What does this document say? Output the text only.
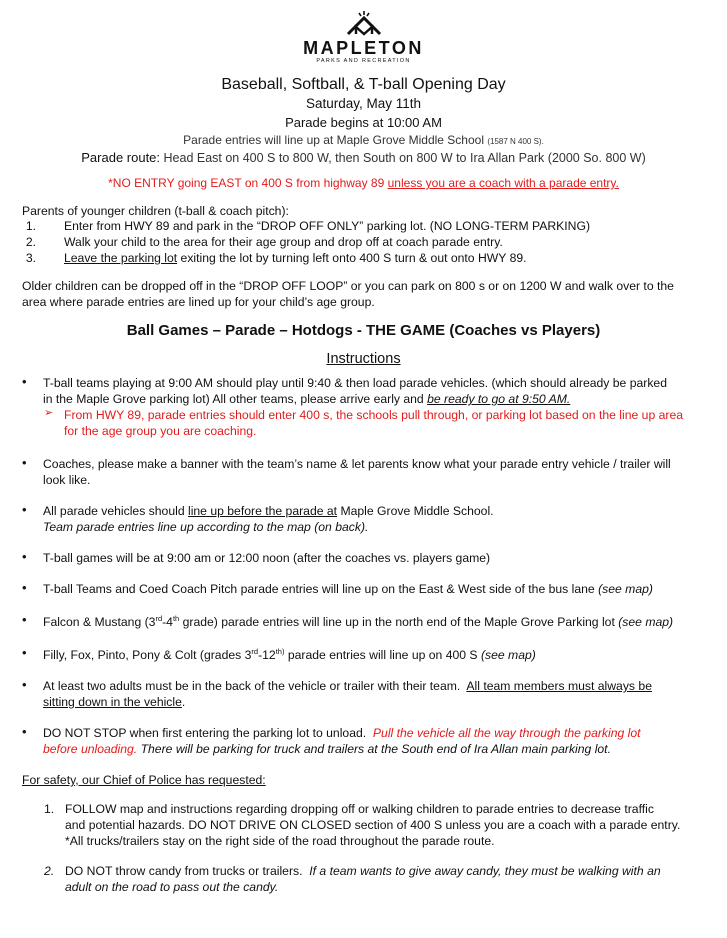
MAPLETON
PARKS AND RECREATION
Baseball, Softball, & T-ball Opening Day
Saturday, May 11th
Parade begins at 10:00 AM
Parade entries will line up at Maple Grove Middle School (1587 N 400 S).
Parade route: Head East on 400 S to 800 W, then South on 800 W to Ira Allan Park (2000 So. 800 W)
*NO ENTRY going EAST on 400 S from highway 89 unless you are a coach with a parade entry.
Parents of younger children (t-ball & coach pitch):
1. Enter from HWY 89 and park in the “DROP OFF ONLY” parking lot. (NO LONG-TERM PARKING)
2. Walk your child to the area for their age group and drop off at coach parade entry.
3. Leave the parking lot exiting the lot by turning left onto 400 S turn & out onto HWY 89.
Older children can be dropped off in the “DROP OFF LOOP” or you can park on 800 s or on 1200 W and walk over to the
area where parade entries are lined up for your child’s age group.
Ball Games – Parade – Hotdogs - THE GAME (Coaches vs Players)
Instructions
• T-ball teams playing at 9:00 AM should play until 9:40 & then load parade vehicles. (which should already be parked
in the Maple Grove parking lot) All other teams, please arrive early and be ready to go at 9:50 AM.
➢ From HWY 89, parade entries should enter 400 s, the schools pull through, or parking lot based on the line up area
for the age group you are coaching.
• Coaches, please make a banner with the team’s name & let parents know what your parade entry vehicle / trailer will
look like.
• All parade vehicles should line up before the parade at Maple Grove Middle School.
Team parade entries line up according to the map (on back).
• T-ball games will be at 9:00 am or 12:00 noon (after the coaches vs. players game)
• T-ball Teams and Coed Coach Pitch parade entries will line up on the East & West side of the bus lane (see map)
• Falcon & Mustang (3rd-4th grade) parade entries will line up in the north end of the Maple Grove Parking lot (see map)
• Filly, Fox, Pinto, Pony & Colt (grades $3rd-12^{th)}$ parade entries will line up on 400 S (see map)
• At least two adults must be in the back of the vehicle or trailer with their team.  All team members must always be
sitting down in the vehicle.
• DO NOT STOP when first entering the parking lot to unload.  Pull the vehicle all the way through the parking lot
before unloading. There will be parking for truck and trailers at the South end of Ira Allan main parking lot.
For safety, our Chief of Police has requested:
1. FOLLOW map and instructions regarding dropping off or walking children to parade entries to decrease traffic
and potential hazards. DO NOT DRIVE ON CLOSED section of 400 S unless you are a coach with a parade entry.
*All trucks/trailers stay on the right side of the road throughout the parade route.
2. DO NOT throw candy from trucks or trailers.  If a team wants to give away candy, they must be walking with an
adult on the road to pass out the candy.
